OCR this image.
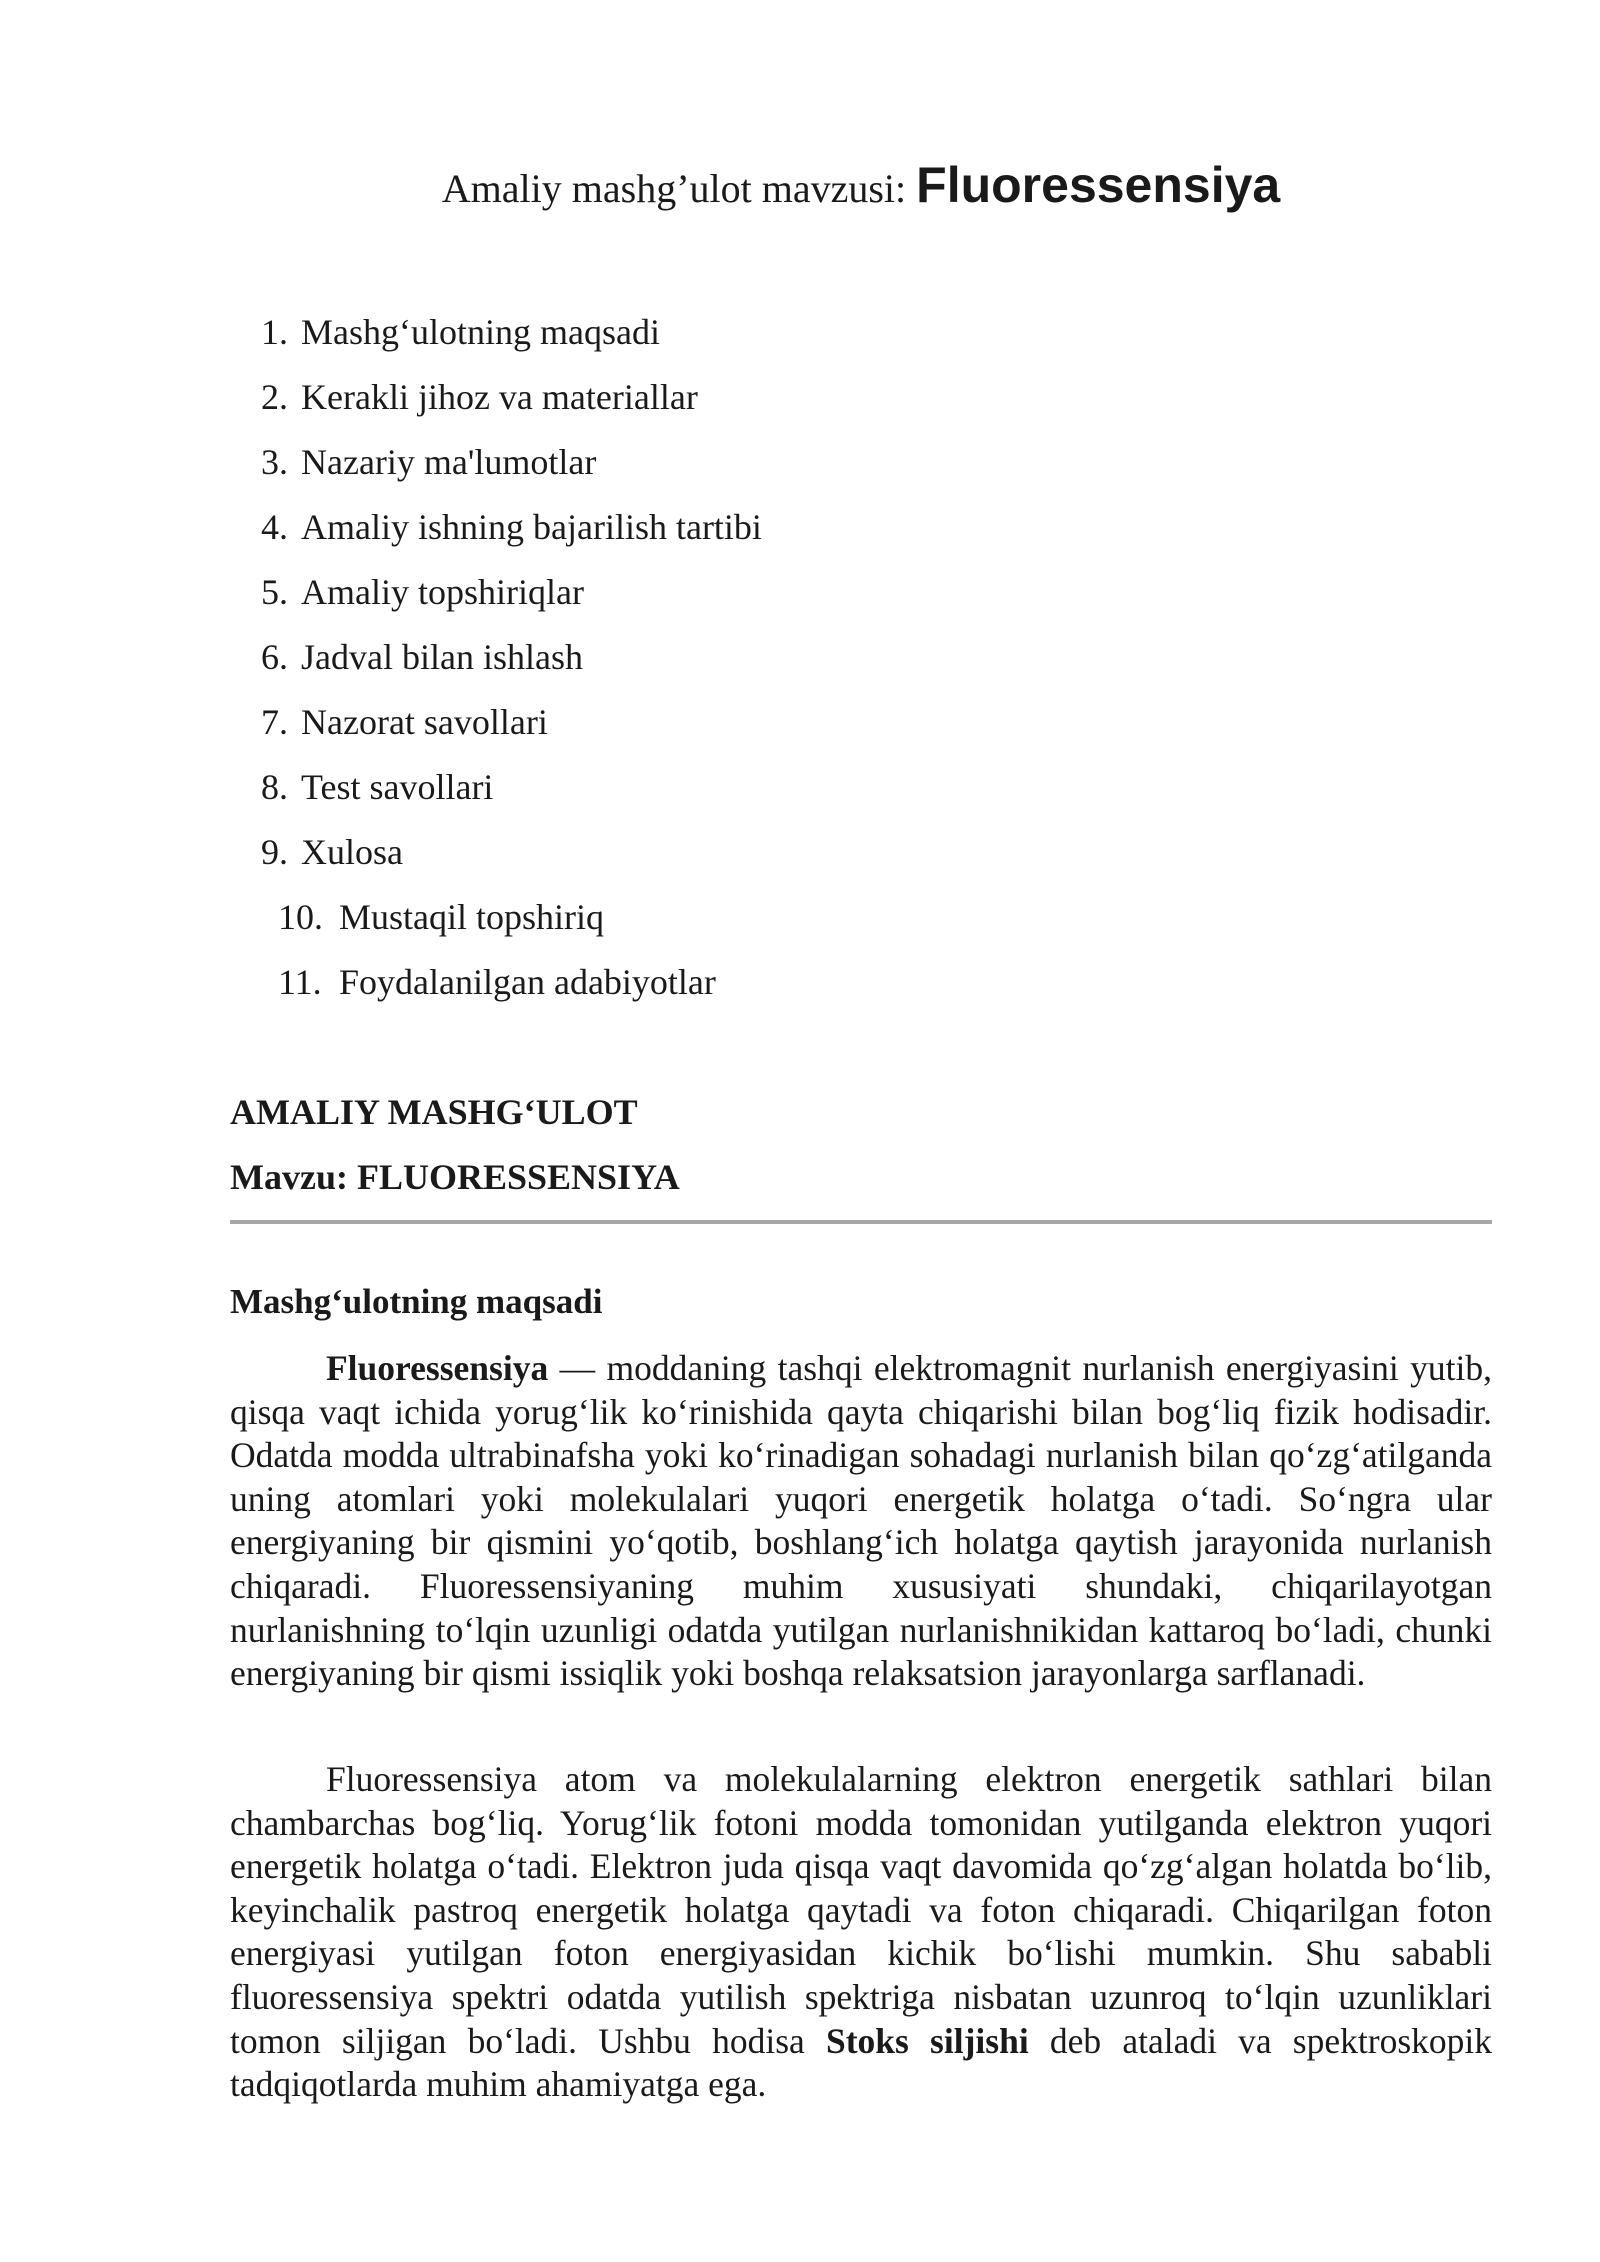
Amaliy mashg’ulot mavzusi: Fluoressensiya
1. Mashg‘ulotning maqsadi
2. Kerakli jihoz va materiallar
3. Nazariy ma'lumotlar
4. Amaliy ishning bajarilish tartibi
5. Amaliy topshiriqlar
6. Jadval bilan ishlash
7. Nazorat savollari
8. Test savollari
9. Xulosa
10. Mustaqil topshiriq
11. Foydalanilgan adabiyotlar
AMALIY MASHG‘ULOT
Mavzu: FLUORESSENSIYA
Mashg‘ulotning maqsadi

Fluoressensiya — moddaning tashqi elektromagnit nurlanish energiyasini yutib, qisqa vaqt ichida yorug‘lik ko‘rinishida qayta chiqarishi bilan bog‘liq fizik hodisadir. Odatda modda ultrabinafsha yoki ko‘rinadigan sohadagi nurlanish bilan qo‘zg‘atilganda uning atomlari yoki molekulalari yuqori energetik holatga o‘tadi. So‘ngra ular energiyaning bir qismini yo‘qotib, boshlang‘ich holatga qaytish jarayonida nurlanish chiqaradi. Fluoressensiyaning muhim xususiyati shundaki, chiqarilayotgan nurlanishning to‘lqin uzunligi odatda yutilgan nurlanishnikidan kattaroq bo‘ladi, chunki energiyaning bir qismi issiqlik yoki boshqa relaksatsion jarayonlarga sarflanadi.

Fluoressensiya atom va molekulalarning elektron energetik sathlari bilan chambarchas bog‘liq. Yorug‘lik fotoni modda tomonidan yutilganda elektron yuqori energetik holatga o‘tadi. Elektron juda qisqa vaqt davomida qo‘zg‘algan holatda bo‘lib, keyinchalik pastroq energetik holatga qaytadi va foton chiqaradi. Chiqarilgan foton energiyasi yutilgan foton energiyasidan kichik bo‘lishi mumkin. Shu sababli fluoressensiya spektri odatda yutilish spektriga nisbatan uzunroq to‘lqin uzunliklari tomon siljigan bo‘ladi. Ushbu hodisa Stoks siljishi deb ataladi va spektroskopik tadqiqotlarda muhim ahamiyatga ega.
